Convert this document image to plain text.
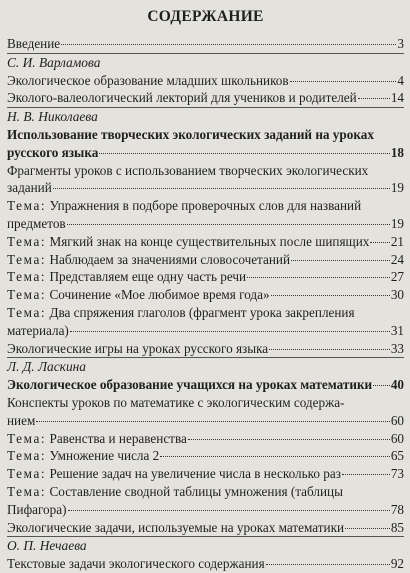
СОДЕРЖАНИЕ
Введение	3
С. И. Варламова
Экологическое образование младших школьников	4
Эколого-валеологический лекторий для учеников и родителей	14
Н. В. Николаева
Использование творческих экологических заданий на уроках
русского языка	18
Фрагменты уроков с использованием творческих экологических
заданий	19
Тема: Упражнения в подборе проверочных слов для названий
предметов	19
Тема: Мягкий знак на конце существительных после шипящих 21
Тема: Наблюдаем за значениями словосочетаний	24
Тема: Представляем еще одну часть речи	27
Тема: Сочинение «Мое любимое время года»	30
Тема: Два спряжения глаголов (фрагмент урока закрепления
материала)	31
Экологические игры на уроках русского языка	33
Л. Д. Ласкина
Экологическое образование учащихся на уроках математики 40
Конспекты уроков по математике с экологическим содержа-
нием	60
Тема: Равенства и неравенства	60
Тема: Умножение числа 2	65
Тема: Решение задач на увеличение числа в несколько раз	73
Тема: Составление сводной таблицы умножения (таблицы
Пифагора)	78
Экологические задачи, используемые на уроках математики	85
О. П. Нечаева
Текстовые задачи экологического содержания	92
